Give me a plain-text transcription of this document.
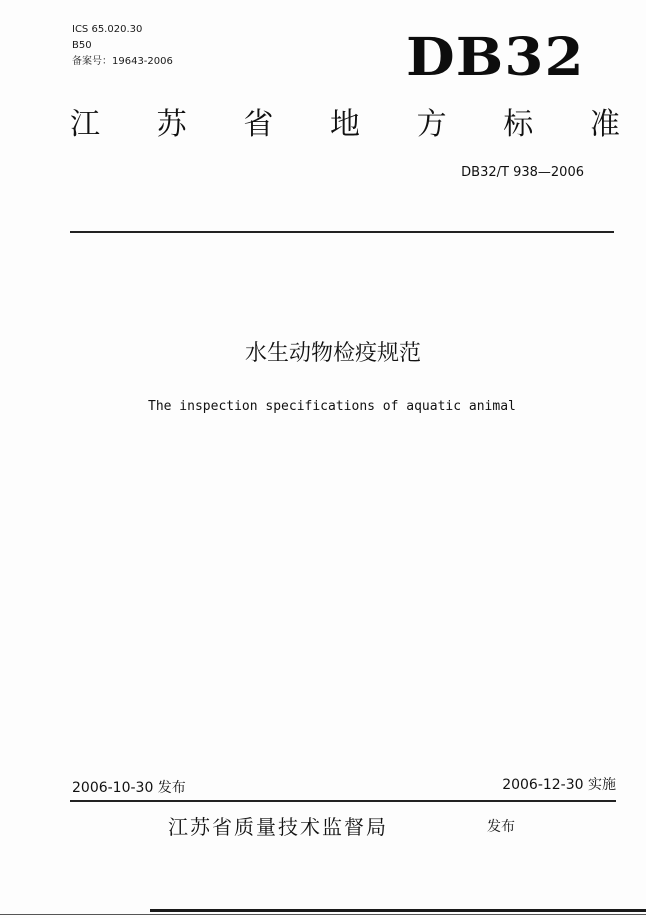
ICS 65.020.30
B50
备案号：19643-2006	DB32
江 苏 省 地 方 标 准
DB32/T 938—2006
水生动物检疫规范
The inspection specifications of aquatic animal
2006-10-30 发布	2006-12-30 实施
江苏省质量技术监督局	发布
